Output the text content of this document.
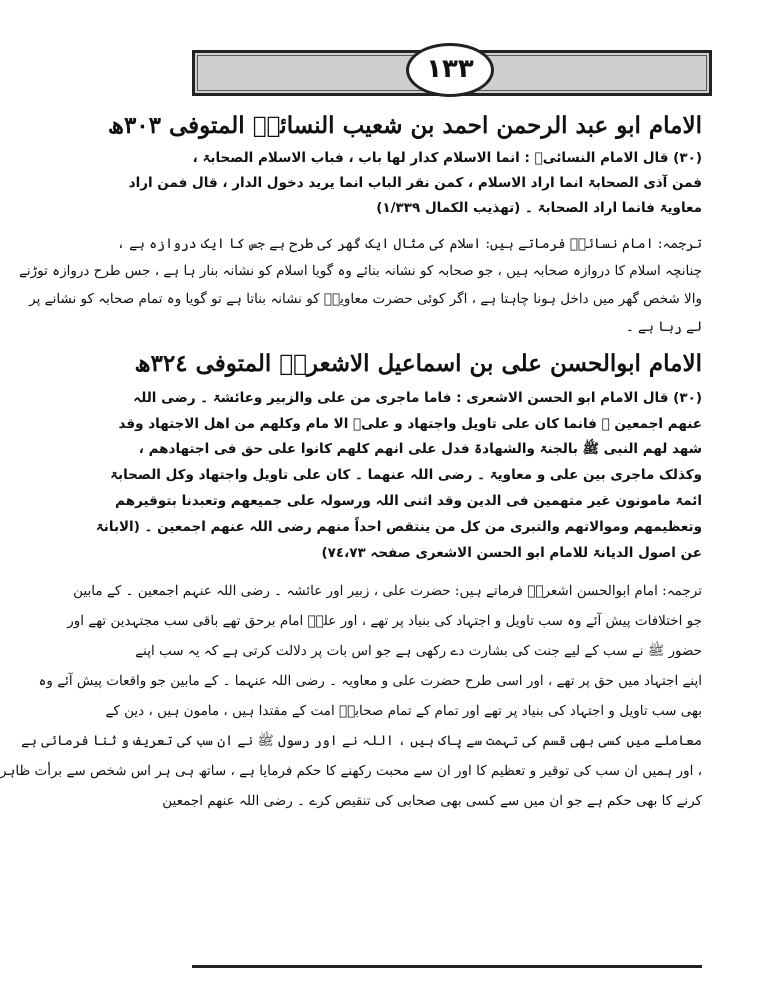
١٣٣
الامام ابو عبد الرحمن احمد بن شعیب النسائیؒ المتوفی ٣٠٣ھ
(٣٠) قال الامام النسائیؒ : انما الاسلام کدار لھا باب ، فباب الاسلام الصحابۃ ،
فمن آذی الصحابۃ انما اراد الاسلام ، کمن نقر الباب انما یرید دخول الدار ، قال فمن اراد
معاویۃ فانما اراد الصحابۃ ۔ (تھذیب الکمال ١/٣٣٩)
ترجمہ: امام نسائیؒ فرماتے ہیں: اسلام کی مثال ایک گھر کی طرح ہے جس کا ایک دروازہ ہے ،
چنانچہ اسلام کا دروازہ صحابہ ہیں ، جو صحابہ کو نشانہ بنائے وہ گویا اسلام کو نشانہ بنار ہا ہے ، جس طرح دروازہ توڑنے
والا شخص گھر میں داخل ہونا چاہتا ہے ، اگر کوئی حضرت معاویہؓ کو نشانہ بناتا ہے تو گویا وہ تمام صحابہ کو نشانے پر
لے رہا ہے ۔
الامام ابوالحسن علی بن اسماعیل الاشعریؒ المتوفی ٣٢٤ھ
(٣٠) قال الامام ابو الحسن الاشعری : فاما ماجری من علی والزبیر وعائشۃ ۔ رضی اللہ
عنھم اجمعین ۔ فانما کان علی تاویل واجتھاد و علیؓ الا مام وکلھم من اھل الاجتھاد وقد
شھد لھم النبی ﷺ بالجنۃ والشھادۃ فدل علی انھم کلھم کانوا علی حق فی اجتھادھم ،
وکذلک ماجری بین علی و معاویۃ ۔ رضی اللہ عنھما ۔ کان علی تاویل واجتھاد وکل الصحابۃ
ائمۃ مامونون غیر متھمین فی الدین وقد اثنی اللہ ورسولہ علی جمیعھم وتعبدنا بتوقیرھم
وتعظیمھم وموالاتھم والتبری من کل من ینتقص احداً منھم رضی اللہ عنھم اجمعین ۔ (الابانۃ
عن اصول الدیانۃ للامام ابو الحسن الاشعری صفحہ ٧٤،٧٣)
ترجمہ: امام ابوالحسن اشعریؒ فرماتے ہیں: حضرت علی ، زبیر اور عائشہ ۔ رضی اللہ عنہم اجمعین ۔ کے مابین
جو اختلافات پیش آئے وہ سب تاویل و اجتہاد کی بنیاد پر تھے ، اور علیؓ امام برحق تھے باقی سب مجتہدین تھے اور
حضور ﷺ نے سب کے لیے جنت کی بشارت دے رکھی ہے جو اس بات پر دلالت کرتی ہے کہ یہ سب اپنے
اپنے اجتہاد میں حق پر تھے ، اور اسی طرح حضرت علی و معاویہ ۔ رضی اللہ عنہما ۔ کے مابین جو واقعات پیش آئے وہ
بھی سب تاویل و اجتہاد کی بنیاد پر تھے اور تمام کے تمام صحابہؓ امت کے مقتدا ہیں ، مامون ہیں ، دین کے
معاملے میں کسی بھی قسم کی تہمت سے پاک ہیں ، اللہ نے اور رسول ﷺ نے ان سب کی تعریف و ثنا فرمائی ہے
، اور ہمیں ان سب کی توقیر و تعظیم کا اور ان سے محبت رکھنے کا حکم فرمایا ہے ، ساتھ ہی ہر اس شخص سے برأت ظاہر
کرنے کا بھی حکم ہے جو ان میں سے کسی بھی صحابی کی تنقیص کرے ۔ رضی اللہ عنھم اجمعین
